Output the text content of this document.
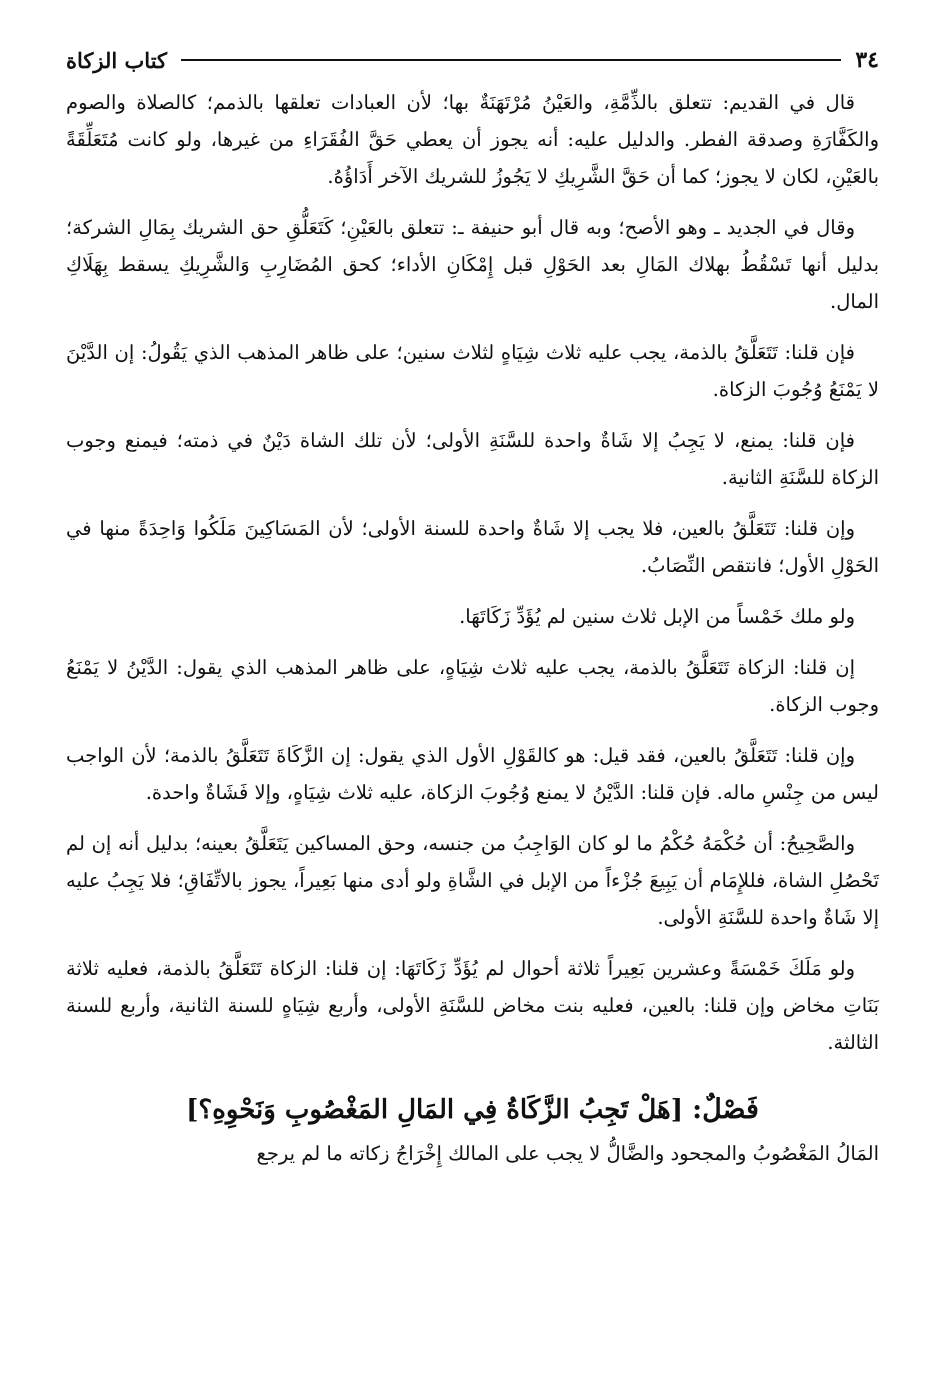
٣٤
كتاب الزكاة

قال في القديم: تتعلق بالذِّمَّةِ، والعَيْنُ مُرْتَهَنَةٌ بها؛ لأن العبادات تعلقها بالذمم؛ كالصلاة والصوم والكَفَّارَةِ وصدقة الفطر. والدليل عليه: أنه يجوز أن يعطي حَقَّ الفُقَرَاءِ من غيرها، ولو كانت مُتَعَلِّقَةً بالعَيْنِ، لكان لا يجوز؛ كما أن حَقَّ الشَّرِيكِ لا يَجُوزُ للشريك الآخر أَدَاؤُهُ.

وقال في الجديد ـ وهو الأصح؛ وبه قال أبو حنيفة ـ: تتعلق بالعَيْنِ؛ كَتَعَلُّقِ حق الشريك بِمَالِ الشركة؛ بدليل أنها تَسْقُطُ بهلاك المَالِ بعد الحَوْلِ قبل إِمْكَانِ الأداء؛ كحق المُضَارِبِ وَالشَّرِيكِ يسقط بِهَلَاكِ المال.

فإن قلنا: تَتَعَلَّقُ بالذمة، يجب عليه ثلاث شِيَاهٍ لثلاث سنين؛ على ظاهر المذهب الذي يَقُولُ: إن الدَّيْنَ لا يَمْنَعُ وُجُوبَ الزكاة.

فإن قلنا: يمنع، لا يَجِبُ إلا شَاةٌ واحدة للسَّنَةِ الأولى؛ لأن تلك الشاة دَيْنٌ في ذمته؛ فيمنع وجوب الزكاة للسَّنَةِ الثانية.

وإن قلنا: تَتَعَلَّقُ بالعين، فلا يجب إلا شَاةٌ واحدة للسنة الأولى؛ لأن المَسَاكِينَ مَلَكُوا وَاحِدَةً منها في الحَوْلِ الأول؛ فانتقص النِّصَابُ.

ولو ملك خَمْساً من الإبل ثلاث سنين لم يُؤَدِّ زَكَاتَهَا.

إن قلنا: الزكاة تَتَعَلَّقُ بالذمة، يجب عليه ثلاث شِيَاهٍ، على ظاهر المذهب الذي يقول: الدَّيْنُ لا يَمْنَعُ وجوب الزكاة.

وإن قلنا: تَتَعَلَّقُ بالعين، فقد قيل: هو كالقَوْلِ الأول الذي يقول: إن الزَّكَاةَ تَتَعَلَّقُ بالذمة؛ لأن الواجب ليس من جِنْسِ ماله. فإن قلنا: الدَّيْنُ لا يمنع وُجُوبَ الزكاة، عليه ثلاث شِيَاهٍ، وإلا فَشَاةٌ واحدة.

والصَّحِيحُ: أن حُكْمَهُ حُكْمُ ما لو كان الوَاجِبُ من جنسه، وحق المساكين يَتَعَلَّقُ بعينه؛ بدليل أنه إن لم تَحْصُلِ الشاة، فللإِمَام أن يَبِيعَ جُزْءاً من الإبل في الشَّاةِ ولو أدى منها بَعِيراً، يجوز بالاتِّفَاقِ؛ فلا يَجِبُ عليه إلا شَاةٌ واحدة للسَّنَةِ الأولى.

ولو مَلَكَ خَمْسَةً وعشرين بَعِيراً ثلاثة أحوال لم يُؤَدِّ زَكَاتَهَا: إن قلنا: الزكاة تَتَعَلَّقُ بالذمة، فعليه ثلاثة بَنَاتِ مخاض وإن قلنا: بالعين، فعليه بنت مخاض للسَّنَةِ الأولى، وأربع شِيَاهٍ للسنة الثانية، وأربع للسنة الثالثة.

فَصْلٌ: [هَلْ تَجِبُ الزَّكَاةُ فِي المَالِ المَغْصُوبِ وَنَحْوِهِ؟]

المَالُ المَغْصُوبُ والمجحود والضَّالُّ لا يجب على المالك إِخْرَاجُ زكاته ما لم يرجع
